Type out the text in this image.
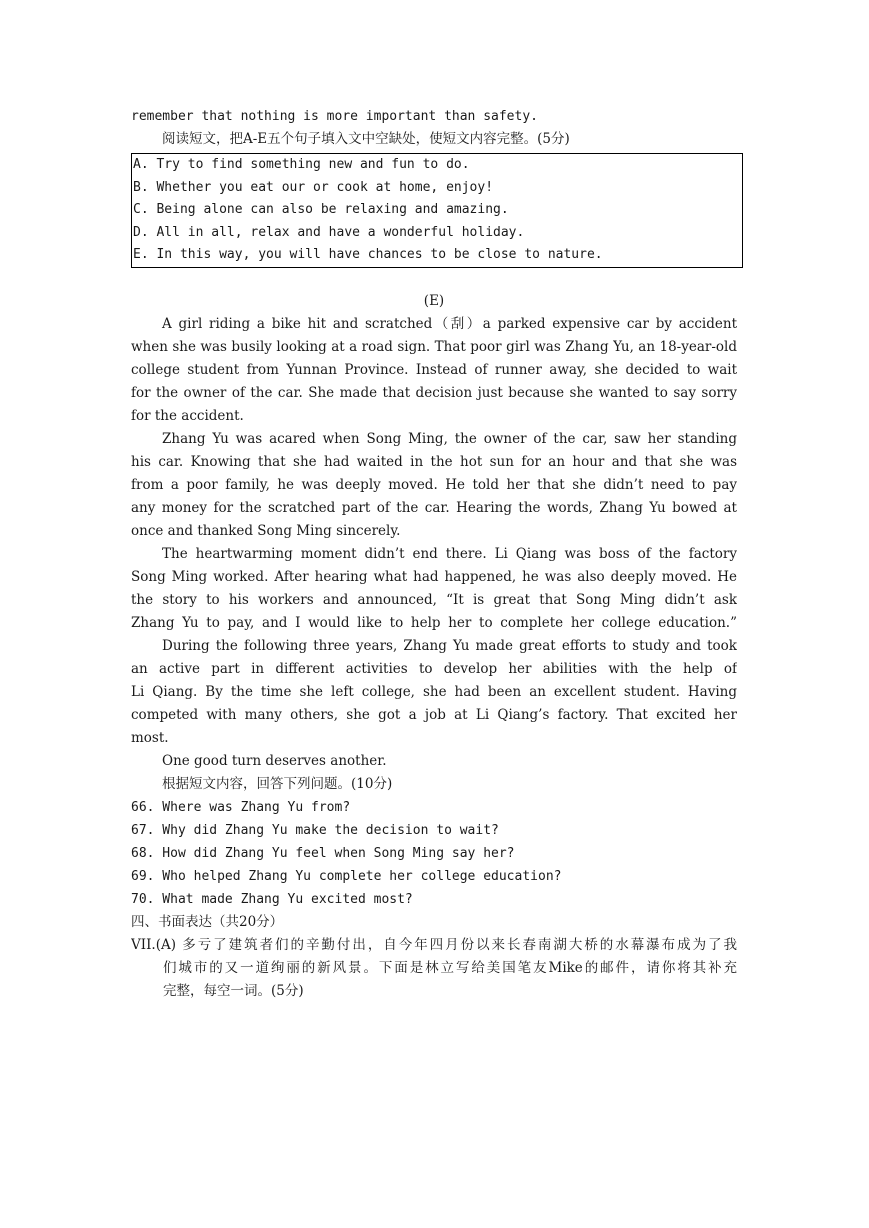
remember that nothing is more important than safety.
阅读短文，把A-E五个句子填入文中空缺处，使短文内容完整。(5分)
A. Try to find something new and fun to do.
B. Whether you eat our or cook at home, enjoy!
C. Being alone can also be relaxing and amazing.
D. All in all, relax and have a wonderful holiday.
E. In this way, you will have chances to be close to nature.
(E)
A girl riding a bike hit and scratched（刮）a parked expensive car by accident
when she was busily looking at a road sign. That poor girl was Zhang Yu, an 18-year-old
college student from Yunnan Province. Instead of runner away, she decided to wait
for the owner of the car. She made that decision just because she wanted to say sorry
for the accident.
Zhang Yu was acared when Song Ming, the owner of the car, saw her standing
his car. Knowing that she had waited in the hot sun for an hour and that she was
from a poor family, he was deeply moved. He told her that she didn’t need to pay
any money for the scratched part of the car. Hearing the words, Zhang Yu bowed at
once and thanked Song Ming sincerely.
The heartwarming moment didn’t end there. Li Qiang was boss of the factory
Song Ming worked. After hearing what had happened, he was also deeply moved. He
the story to his workers and announced, “It is great that Song Ming didn’t ask
Zhang Yu to pay, and I would like to help her to complete her college education.”
During the following three years, Zhang Yu made great efforts to study and took
an active part in different activities to develop her abilities with the help of
Li Qiang. By the time she left college, she had been an excellent student. Having
competed with many others, she got a job at Li Qiang’s factory. That excited her
most.
One good turn deserves another.
根据短文内容，回答下列问题。(10分)
66. Where was Zhang Yu from?
67. Why did Zhang Yu make the decision to wait?
68. How did Zhang Yu feel when Song Ming say her?
69. Who helped Zhang Yu complete her college education?
70. What made Zhang Yu excited most?
四、书面表达（共20分）
VII.(A) 多亏了建筑者们的辛勤付出，自今年四月份以来长春南湖大桥的水幕瀑布成为了我
们城市的又一道绚丽的新风景。下面是林立写给美国笔友Mike的邮件，请你将其补充
完整，每空一词。(5分)
